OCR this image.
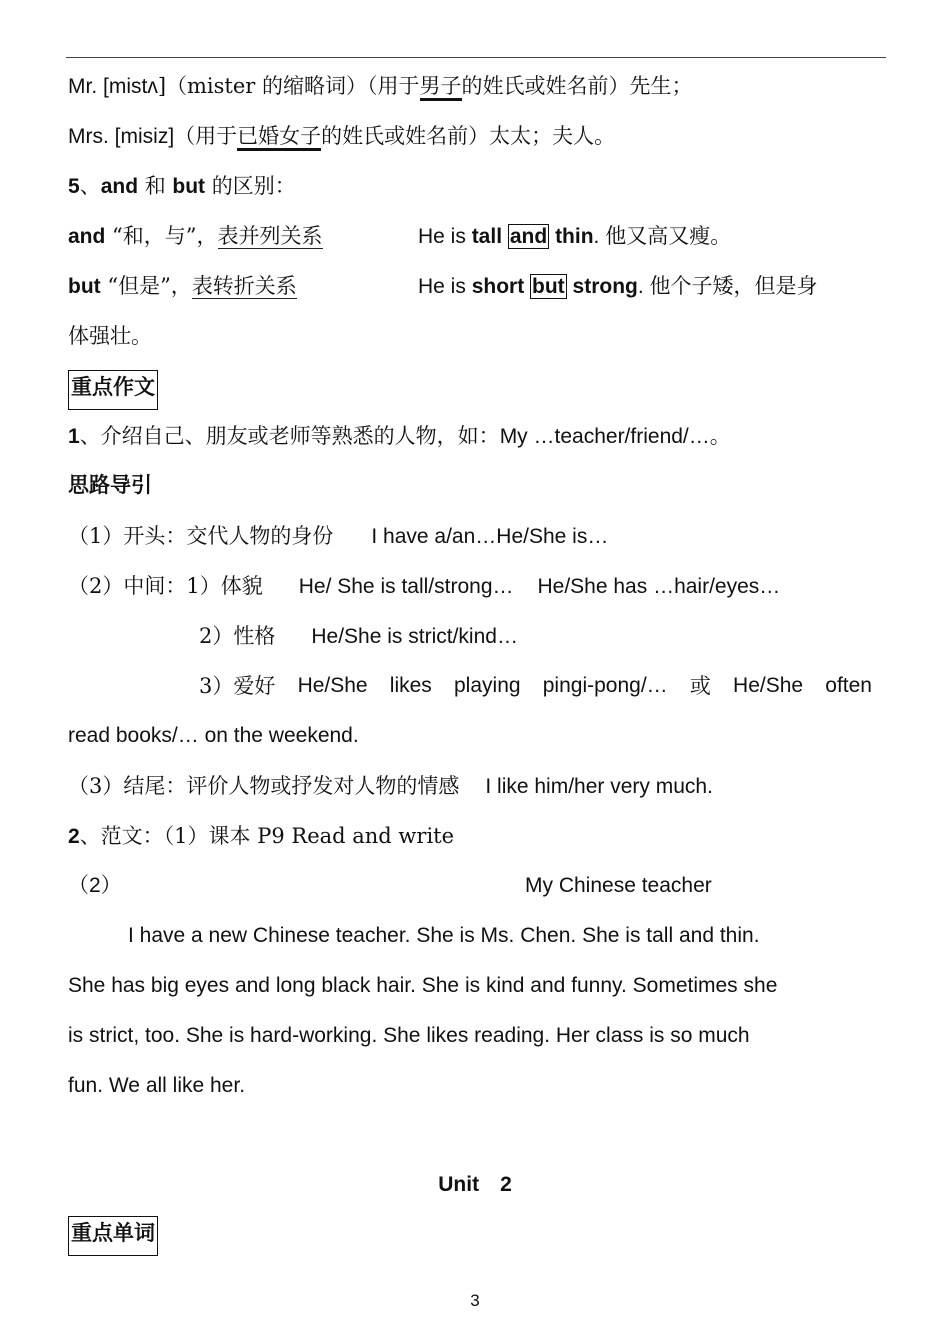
Mr. [mistʌ]（mister 的缩略词）（用于男子的姓氏或姓名前）先生；
Mrs. [misiz]（用于已婚女子的姓氏或姓名前）太太；夫人。
5、and 和 but 的区别：
and “和，与”，表并列关系	He is tall and thin. 他又高又瘦。
but “但是”，表转折关系	He is short but strong. 他个子矮，但是身
体强壮。
重点作文
1、介绍自己、朋友或老师等熟悉的人物，如：My …teacher/friend/…。
思路导引
（1）开头：交代人物的身份 I have a/an…He/She is…
（2）中间：1）体貌 He/ She is tall/strong… He/She has …hair/eyes…
2）性格 He/She is strict/kind…
3）爱好 He/She likes playing pingi-pong/… 或 He/She often
read books/… on the weekend.
（3）结尾：评价人物或抒发对人物的情感 I like him/her very much.
2、范文：（1）课本 P9 Read and write
（2）	My Chinese teacher
I have a new Chinese teacher. She is Ms. Chen. She is tall and thin.
She has big eyes and long black hair. She is kind and funny. Sometimes she
is strict, too. She is hard-working. She likes reading. Her class is so much
fun. We all like her.
Unit　2
重点单词
3
